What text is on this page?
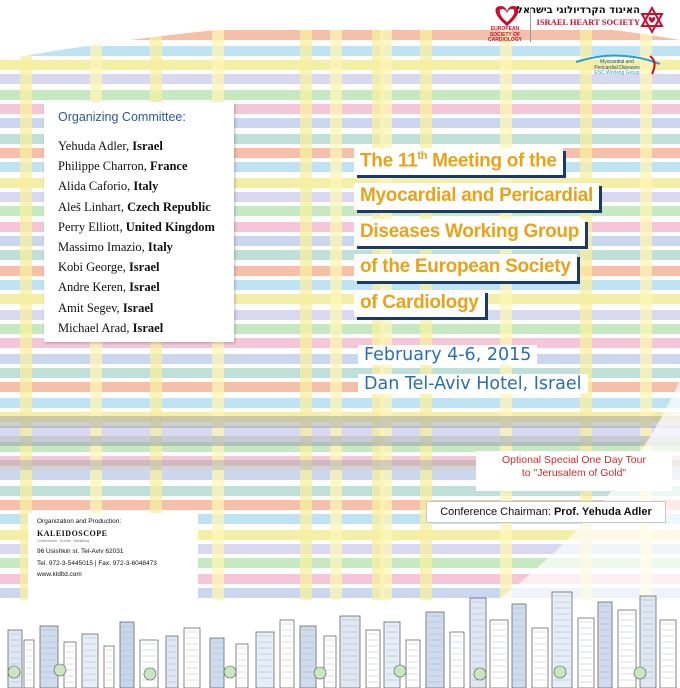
EUROPEAN
SOCIETY OF
CARDIOLOGY
האיגוד הקרדיולוגי בישראל
ISRAEL HEART SOCIETY
Myocardial and
Pericardial Diseases
ESC Working Group
Organizing Committee:
Yehuda Adler, Israel
Philippe Charron, France
Alida Caforio, Italy
Aleš Linhart, Czech Republic
Perry Elliott, United Kingdom
Massimo Imazio, Italy
Kobi George, Israel
Andre Keren, Israel
Amit Segev, Israel
Michael Arad, Israel
The 11th Meeting of the
Myocardial and Pericardial
Diseases Working Group
of the European Society
of Cardiology
February 4-6, 2015
Dan Tel-Aviv Hotel, Israel
Optional Special One Day Tour
to "Jerusalem of Gold"
Conference Chairman: Prof. Yehuda Adler
Organization and Production:
KALEIDOSCOPE
Conferences · Events · Marketing
96 Usishkin st. Tel-Aviv 62031
Tel. 972-3-5445015 | Fax. 972-3-6048473
www.kldltd.com
